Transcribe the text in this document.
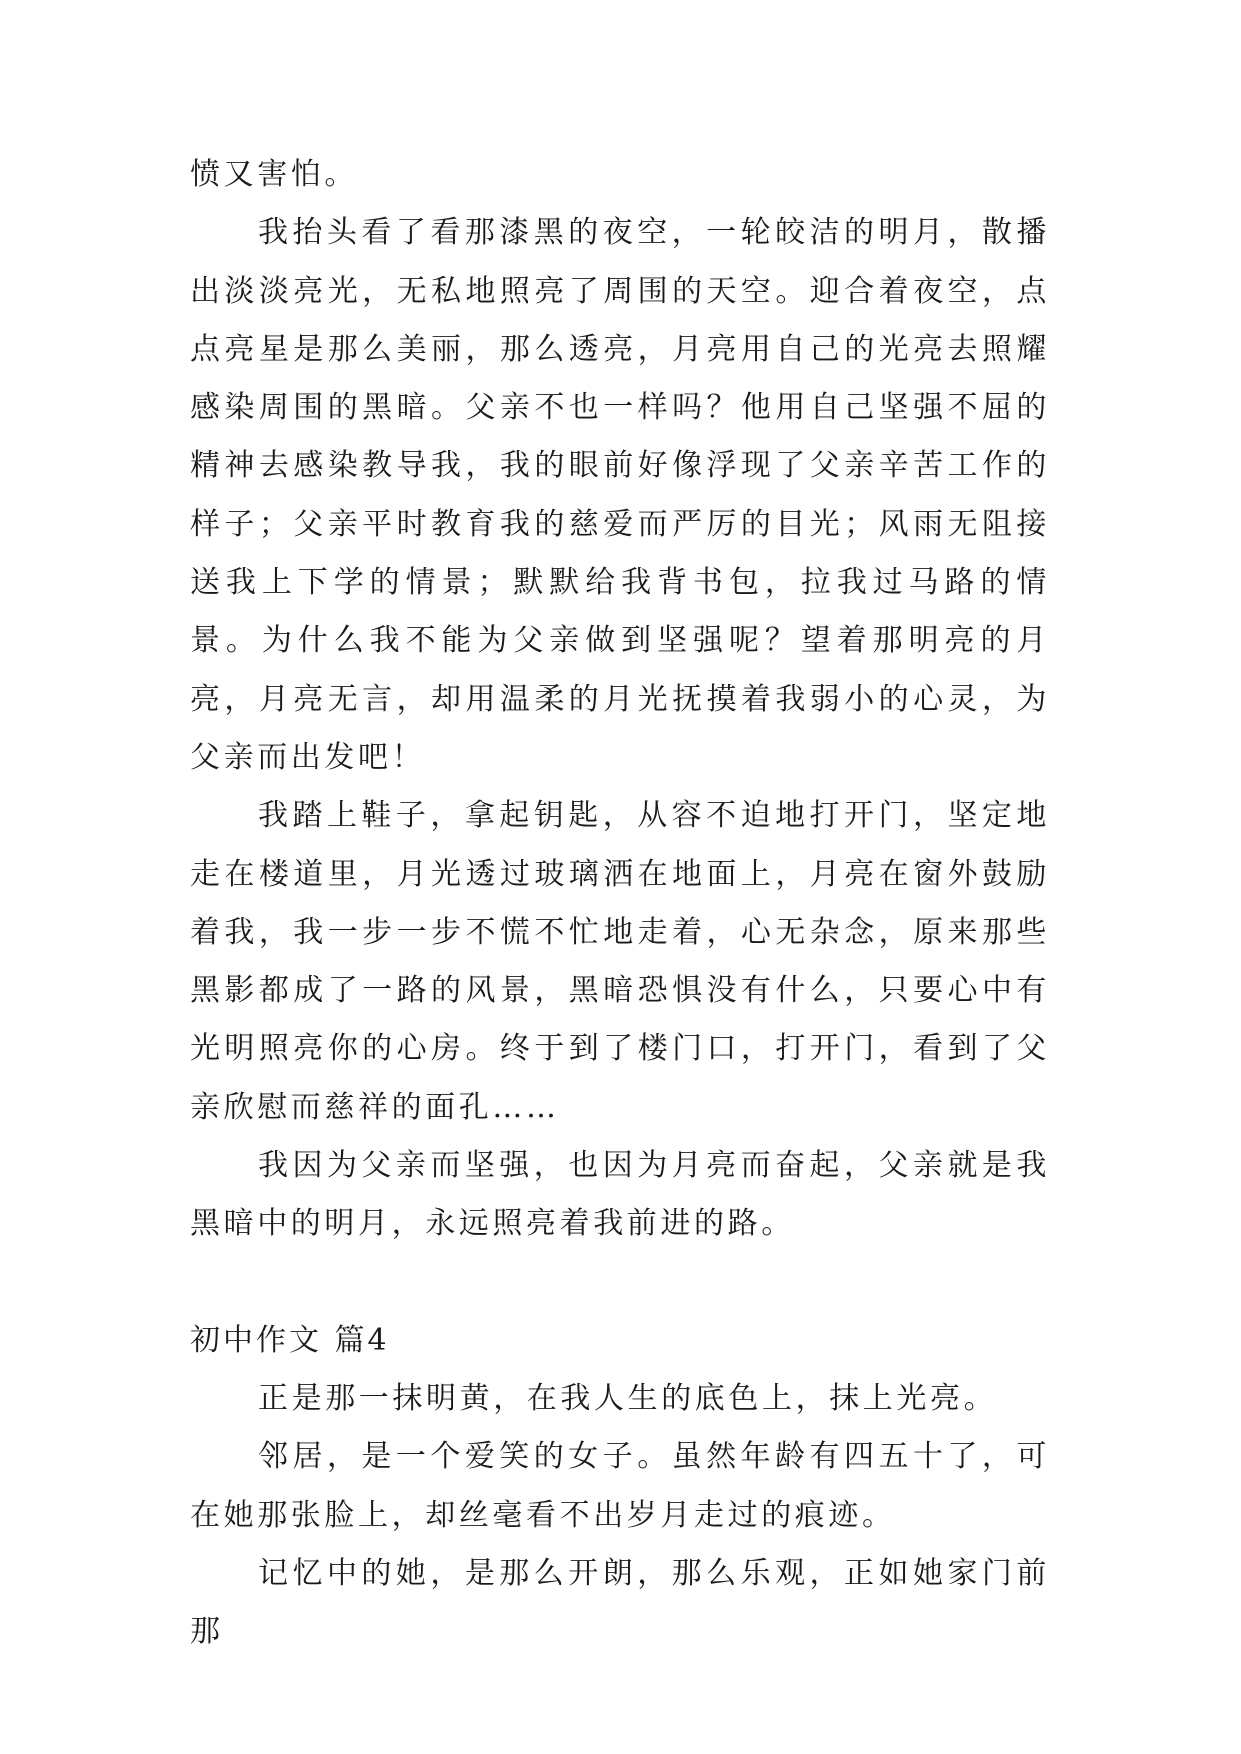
愤又害怕。

我抬头看了看那漆黑的夜空，一轮皎洁的明月，散播出淡淡亮光，无私地照亮了周围的天空。迎合着夜空，点点亮星是那么美丽，那么透亮，月亮用自己的光亮去照耀感染周围的黑暗。父亲不也一样吗？他用自己坚强不屈的精神去感染教导我，我的眼前好像浮现了父亲辛苦工作的样子；父亲平时教育我的慈爱而严厉的目光；风雨无阻接送我上下学的情景；默默给我背书包，拉我过马路的情景。为什么我不能为父亲做到坚强呢？望着那明亮的月亮，月亮无言，却用温柔的月光抚摸着我弱小的心灵，为父亲而出发吧！

我踏上鞋子，拿起钥匙，从容不迫地打开门，坚定地走在楼道里，月光透过玻璃洒在地面上，月亮在窗外鼓励着我，我一步一步不慌不忙地走着，心无杂念，原来那些黑影都成了一路的风景，黑暗恐惧没有什么，只要心中有光明照亮你的心房。终于到了楼门口，打开门，看到了父亲欣慰而慈祥的面孔……

我因为父亲而坚强，也因为月亮而奋起，父亲就是我黑暗中的明月，永远照亮着我前进的路。

初中作文 篇4

正是那一抹明黄，在我人生的底色上，抹上光亮。

邻居，是一个爱笑的女子。虽然年龄有四五十了，可在她那张脸上，却丝毫看不出岁月走过的痕迹。

记忆中的她，是那么开朗，那么乐观，正如她家门前那
